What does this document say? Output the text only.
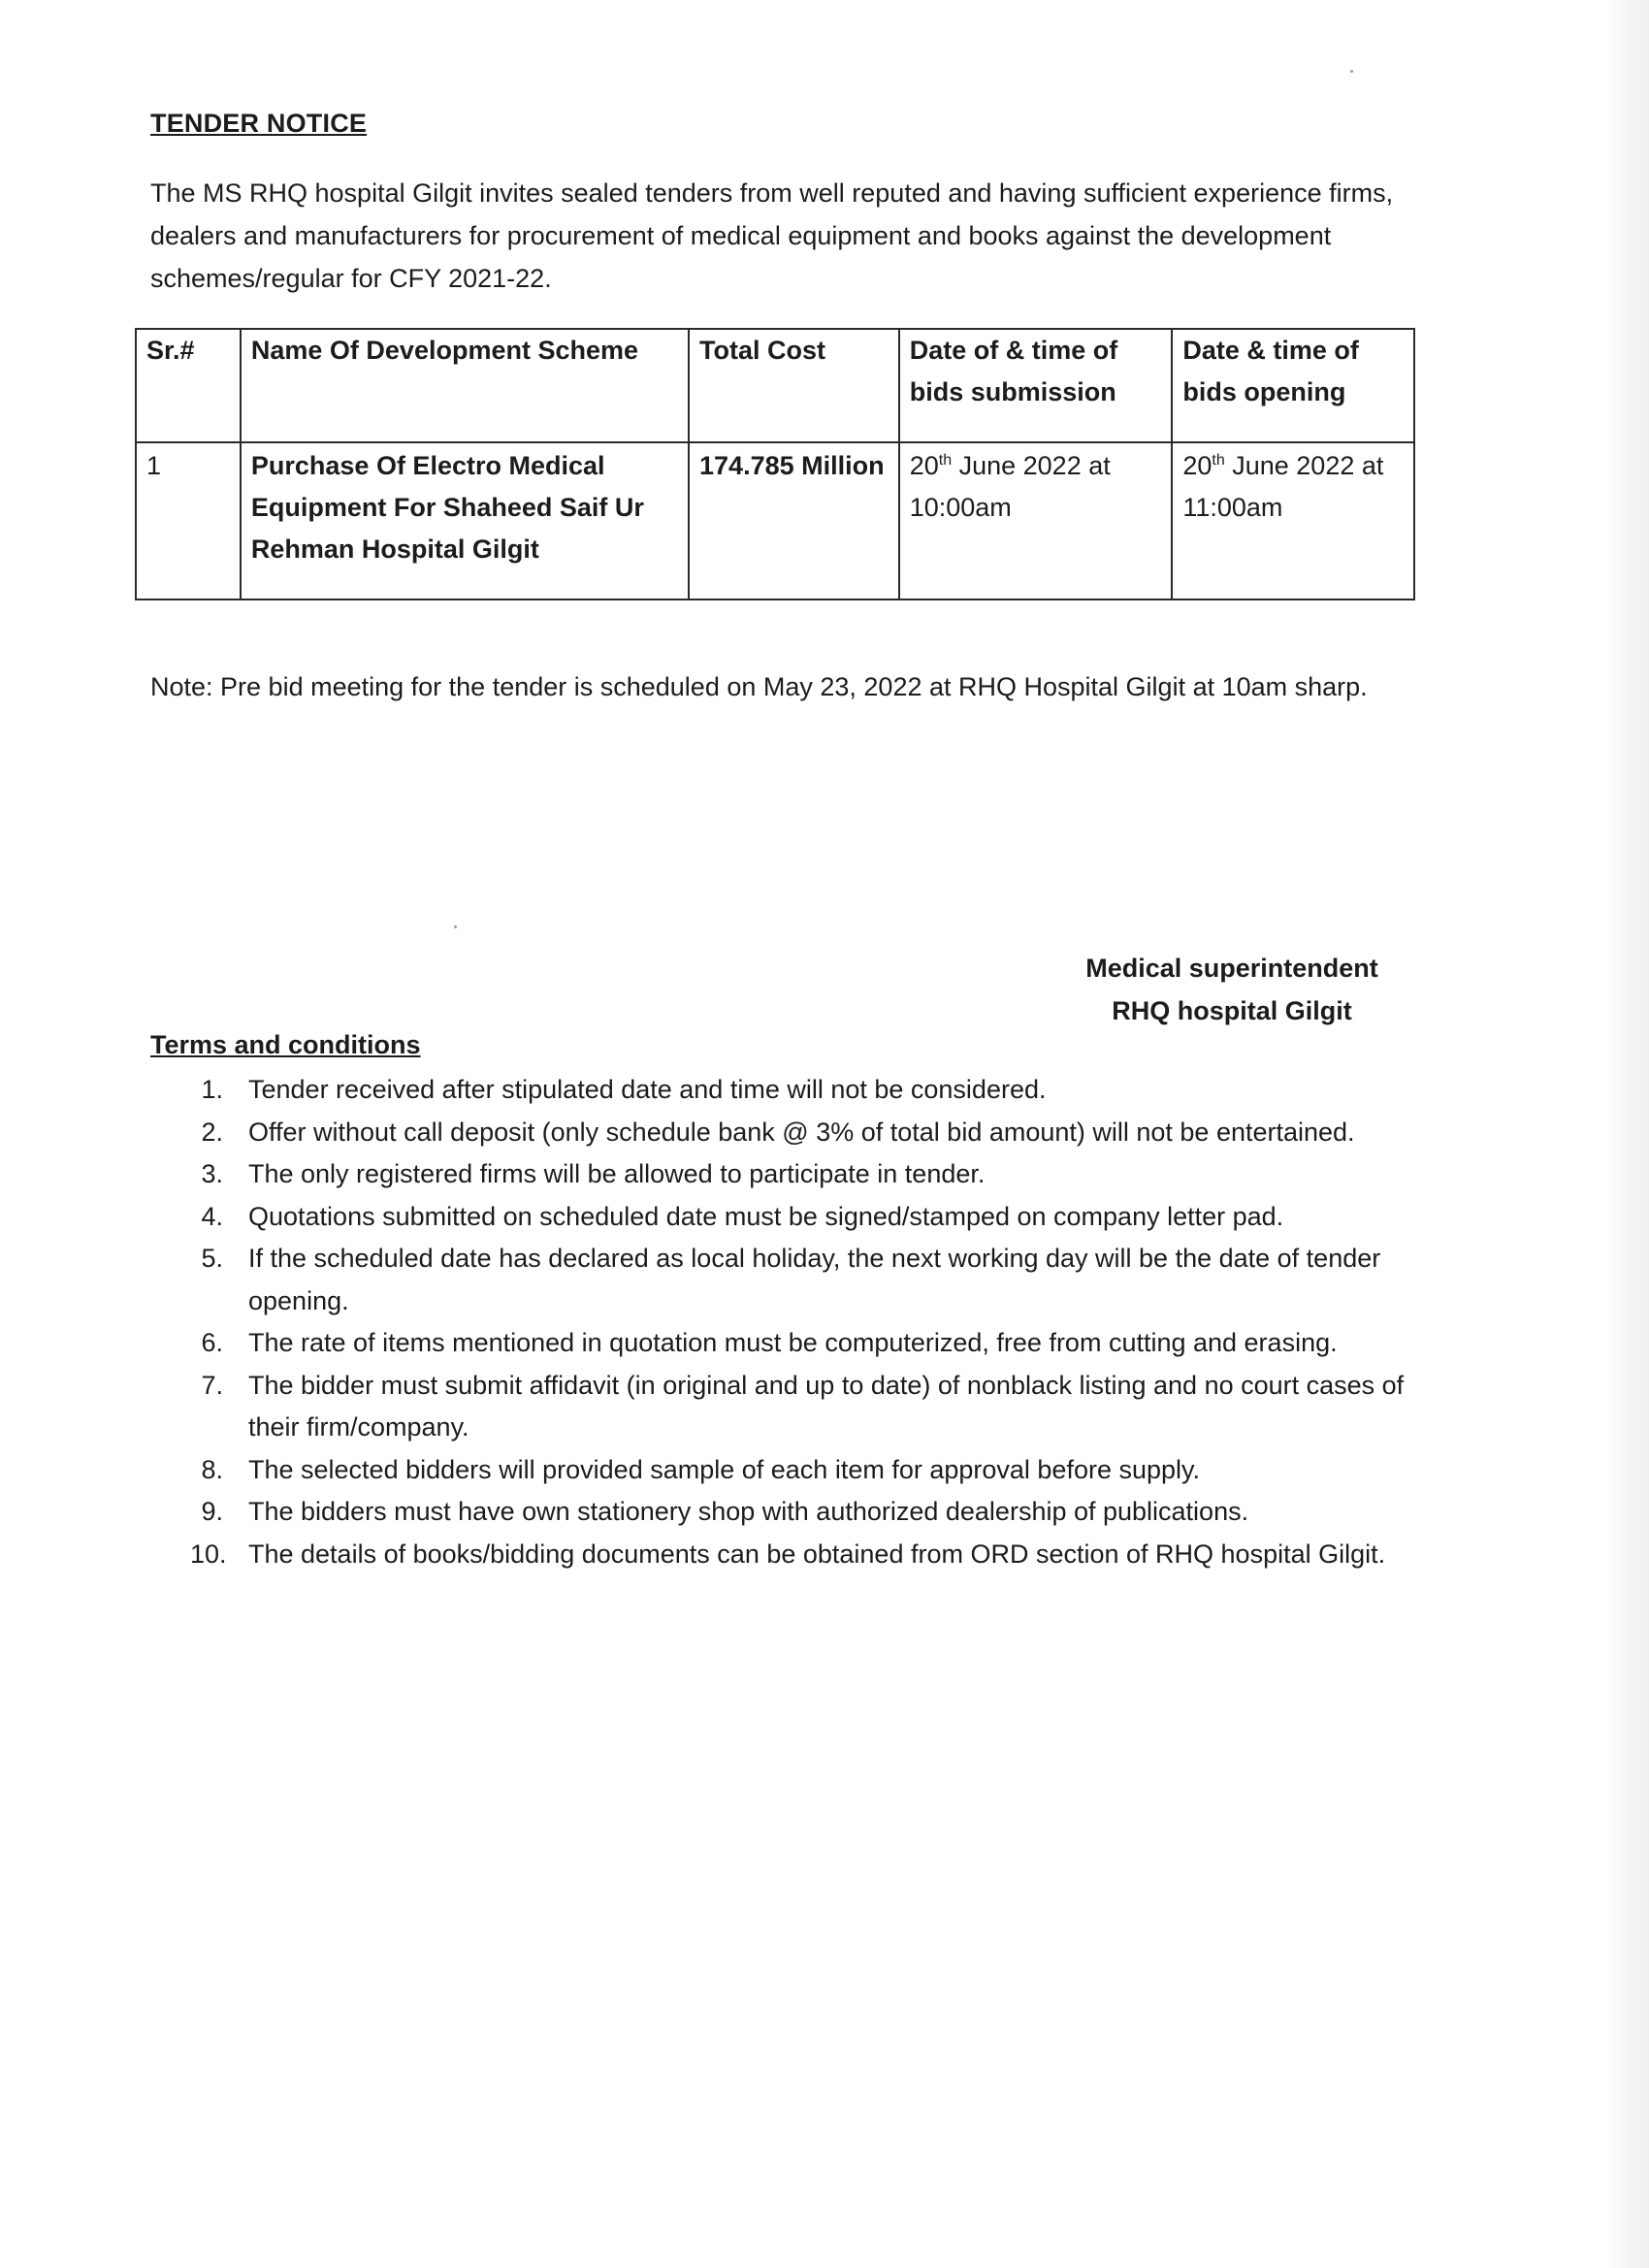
TENDER NOTICE
The MS RHQ hospital Gilgit invites sealed tenders from well reputed and having sufficient experience firms, dealers and manufacturers for procurement of medical equipment and books against the development schemes/regular for CFY 2021-22.
Sr.#	Name Of Development Scheme	Total Cost	Date of & time of bids submission	Date & time of bids opening
1	Purchase Of Electro Medical Equipment For Shaheed Saif Ur Rehman Hospital Gilgit	174.785 Million	20th June 2022 at 10:00am	20th June 2022 at 11:00am
Note: Pre bid meeting for the tender is scheduled on May 23, 2022 at RHQ Hospital Gilgit at 10am sharp.
Medical superintendent
RHQ hospital Gilgit
Terms and conditions
1. Tender received after stipulated date and time will not be considered.
2. Offer without call deposit (only schedule bank @ 3% of total bid amount) will not be entertained.
3. The only registered firms will be allowed to participate in tender.
4. Quotations submitted on scheduled date must be signed/stamped on company letter pad.
5. If the scheduled date has declared as local holiday, the next working day will be the date of tender opening.
6. The rate of items mentioned in quotation must be computerized, free from cutting and erasing.
7. The bidder must submit affidavit (in original and up to date) of nonblack listing and no court cases of their firm/company.
8. The selected bidders will provided sample of each item for approval before supply.
9. The bidders must have own stationery shop with authorized dealership of publications.
10. The details of books/bidding documents can be obtained from ORD section of RHQ hospital Gilgit.
